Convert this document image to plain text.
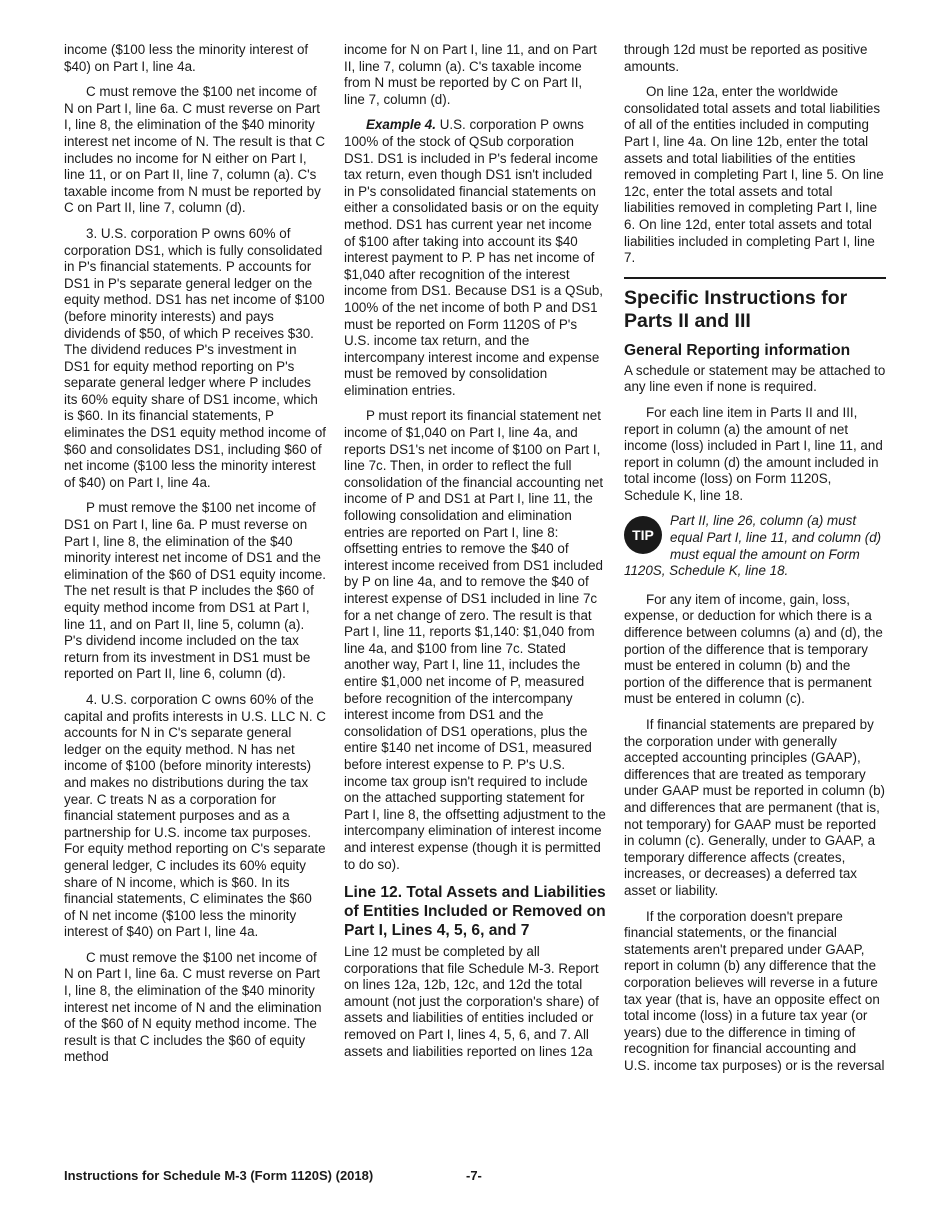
income ($100 less the minority interest of $40) on Part I, line 4a.

C must remove the $100 net income of N on Part I, line 6a. C must reverse on Part I, line 8, the elimination of the $40 minority interest net income of N. The result is that C includes no income for N either on Part I, line 11, or on Part II, line 7, column (a). C's taxable income from N must be reported by C on Part II, line 7, column (d).

3. U.S. corporation P owns 60% of corporation DS1, which is fully consolidated in P's financial statements. P accounts for DS1 in P's separate general ledger on the equity method. DS1 has net income of $100 (before minority interests) and pays dividends of $50, of which P receives $30. The dividend reduces P's investment in DS1 for equity method reporting on P's separate general ledger where P includes its 60% equity share of DS1 income, which is $60. In its financial statements, P eliminates the DS1 equity method income of $60 and consolidates DS1, including $60 of net income ($100 less the minority interest of $40) on Part I, line 4a.

P must remove the $100 net income of DS1 on Part I, line 6a. P must reverse on Part I, line 8, the elimination of the $40 minority interest net income of DS1 and the elimination of the $60 of DS1 equity income. The net result is that P includes the $60 of equity method income from DS1 at Part I, line 11, and on Part II, line 5, column (a). P's dividend income included on the tax return from its investment in DS1 must be reported on Part II, line 6, column (d).

4. U.S. corporation C owns 60% of the capital and profits interests in U.S. LLC N. C accounts for N in C's separate general ledger on the equity method. N has net income of $100 (before minority interests) and makes no distributions during the tax year. C treats N as a corporation for financial statement purposes and as a partnership for U.S. income tax purposes. For equity method reporting on C's separate general ledger, C includes its 60% equity share of N income, which is $60. In its financial statements, C eliminates the $60 of N net income ($100 less the minority interest of $40) on Part I, line 4a.

C must remove the $100 net income of N on Part I, line 6a. C must reverse on Part I, line 8, the elimination of the $40 minority interest net income of N and the elimination of the $60 of N equity method income. The result is that C includes the $60 of equity method

income for N on Part I, line 11, and on Part II, line 7, column (a). C's taxable income from N must be reported by C on Part II, line 7, column (d).

Example 4. U.S. corporation P owns 100% of the stock of QSub corporation DS1. DS1 is included in P's federal income tax return, even though DS1 isn't included in P's consolidated financial statements on either a consolidated basis or on the equity method. DS1 has current year net income of $100 after taking into account its $40 interest payment to P. P has net income of $1,040 after recognition of the interest income from DS1. Because DS1 is a QSub, 100% of the net income of both P and DS1 must be reported on Form 1120S of P's U.S. income tax return, and the intercompany interest income and expense must be removed by consolidation elimination entries.

P must report its financial statement net income of $1,040 on Part I, line 4a, and reports DS1's net income of $100 on Part I, line 7c. Then, in order to reflect the full consolidation of the financial accounting net income of P and DS1 at Part I, line 11, the following consolidation and elimination entries are reported on Part I, line 8: offsetting entries to remove the $40 of interest income received from DS1 included by P on line 4a, and to remove the $40 of interest expense of DS1 included in line 7c for a net change of zero. The result is that Part I, line 11, reports $1,140: $1,040 from line 4a, and $100 from line 7c. Stated another way, Part I, line 11, includes the entire $1,000 net income of P, measured before recognition of the intercompany interest income from DS1 and the consolidation of DS1 operations, plus the entire $140 net income of DS1, measured before interest expense to P. P's U.S. income tax group isn't required to include on the attached supporting statement for Part I, line 8, the offsetting adjustment to the intercompany elimination of interest income and interest expense (though it is permitted to do so).

Line 12. Total Assets and Liabilities of Entities Included or Removed on Part I, Lines 4, 5, 6, and 7

Line 12 must be completed by all corporations that file Schedule M-3. Report on lines 12a, 12b, 12c, and 12d the total amount (not just the corporation's share) of assets and liabilities of entities included or removed on Part I, lines 4, 5, 6, and 7. All assets and liabilities reported on lines 12a

through 12d must be reported as positive amounts.

On line 12a, enter the worldwide consolidated total assets and total liabilities of all of the entities included in computing Part I, line 4a. On line 12b, enter the total assets and total liabilities of the entities removed in completing Part I, line 5. On line 12c, enter the total assets and total liabilities removed in completing Part I, line 6. On line 12d, enter total assets and total liabilities included in completing Part I, line 7.

Specific Instructions for Parts II and III
General Reporting information

A schedule or statement may be attached to any line even if none is required.

For each line item in Parts II and III, report in column (a) the amount of net income (loss) included in Part I, line 11, and report in column (d) the amount included in total income (loss) on Form 1120S, Schedule K, line 18.

TIP
Part II, line 26, column (a) must equal Part I, line 11, and column (d) must equal the amount on Form 1120S, Schedule K, line 18.

For any item of income, gain, loss, expense, or deduction for which there is a difference between columns (a) and (d), the portion of the difference that is temporary must be entered in column (b) and the portion of the difference that is permanent must be entered in column (c).

If financial statements are prepared by the corporation under with generally accepted accounting principles (GAAP), differences that are treated as temporary under GAAP must be reported in column (b) and differences that are permanent (that is, not temporary) for GAAP must be reported in column (c). Generally, under to GAAP, a temporary difference affects (creates, increases, or decreases) a deferred tax asset or liability.

If the corporation doesn't prepare financial statements, or the financial statements aren't prepared under GAAP, report in column (b) any difference that the corporation believes will reverse in a future tax year (that is, have an opposite effect on total income (loss) in a future tax year (or years) due to the difference in timing of recognition for financial accounting and U.S. income tax purposes) or is the reversal

Instructions for Schedule M-3 (Form 1120S) (2018)	-7-
